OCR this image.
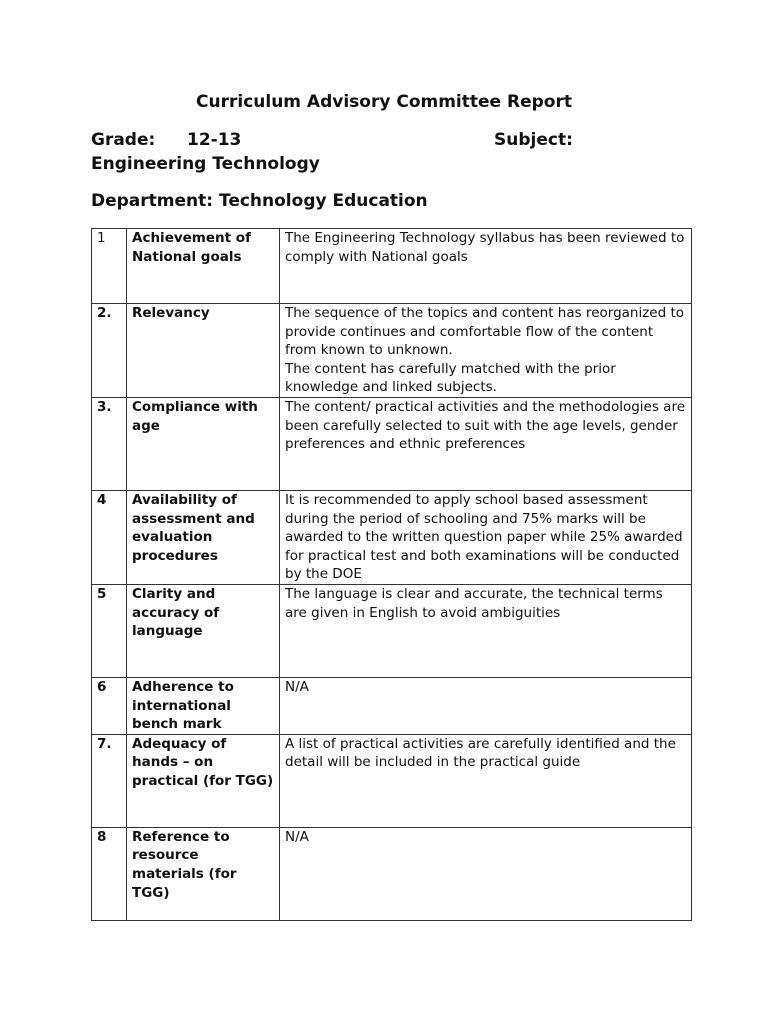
Curriculum Advisory Committee Report
Grade: 12-13	Subject:
Engineering Technology
Department: Technology Education
1	Achievement of National goals	The Engineering Technology syllabus has been reviewed to comply with National goals

2.	Relevancy	The sequence of the topics and content has reorganized to provide continues and comfortable flow of the content from known to unknown.
The content has carefully matched with the prior knowledge and linked subjects.

3.	Compliance with age	The content/ practical activities and the methodologies are been carefully selected to suit with the age levels, gender preferences and ethnic preferences

4	Availability of assessment and evaluation procedures	It is recommended to apply school based assessment during the period of schooling and 75% marks will be awarded to the written question paper while 25% awarded for practical test and both examinations will be conducted by the DOE

5	Clarity and accuracy of language	The language is clear and accurate, the technical terms are given in English to avoid ambiguities

6	Adherence to international bench mark	N/A

7.	Adequacy of hands – on practical (for TGG)	A list of practical activities are carefully identified and the detail will be included in the practical guide

8	Reference to resource materials (for TGG)	N/A
